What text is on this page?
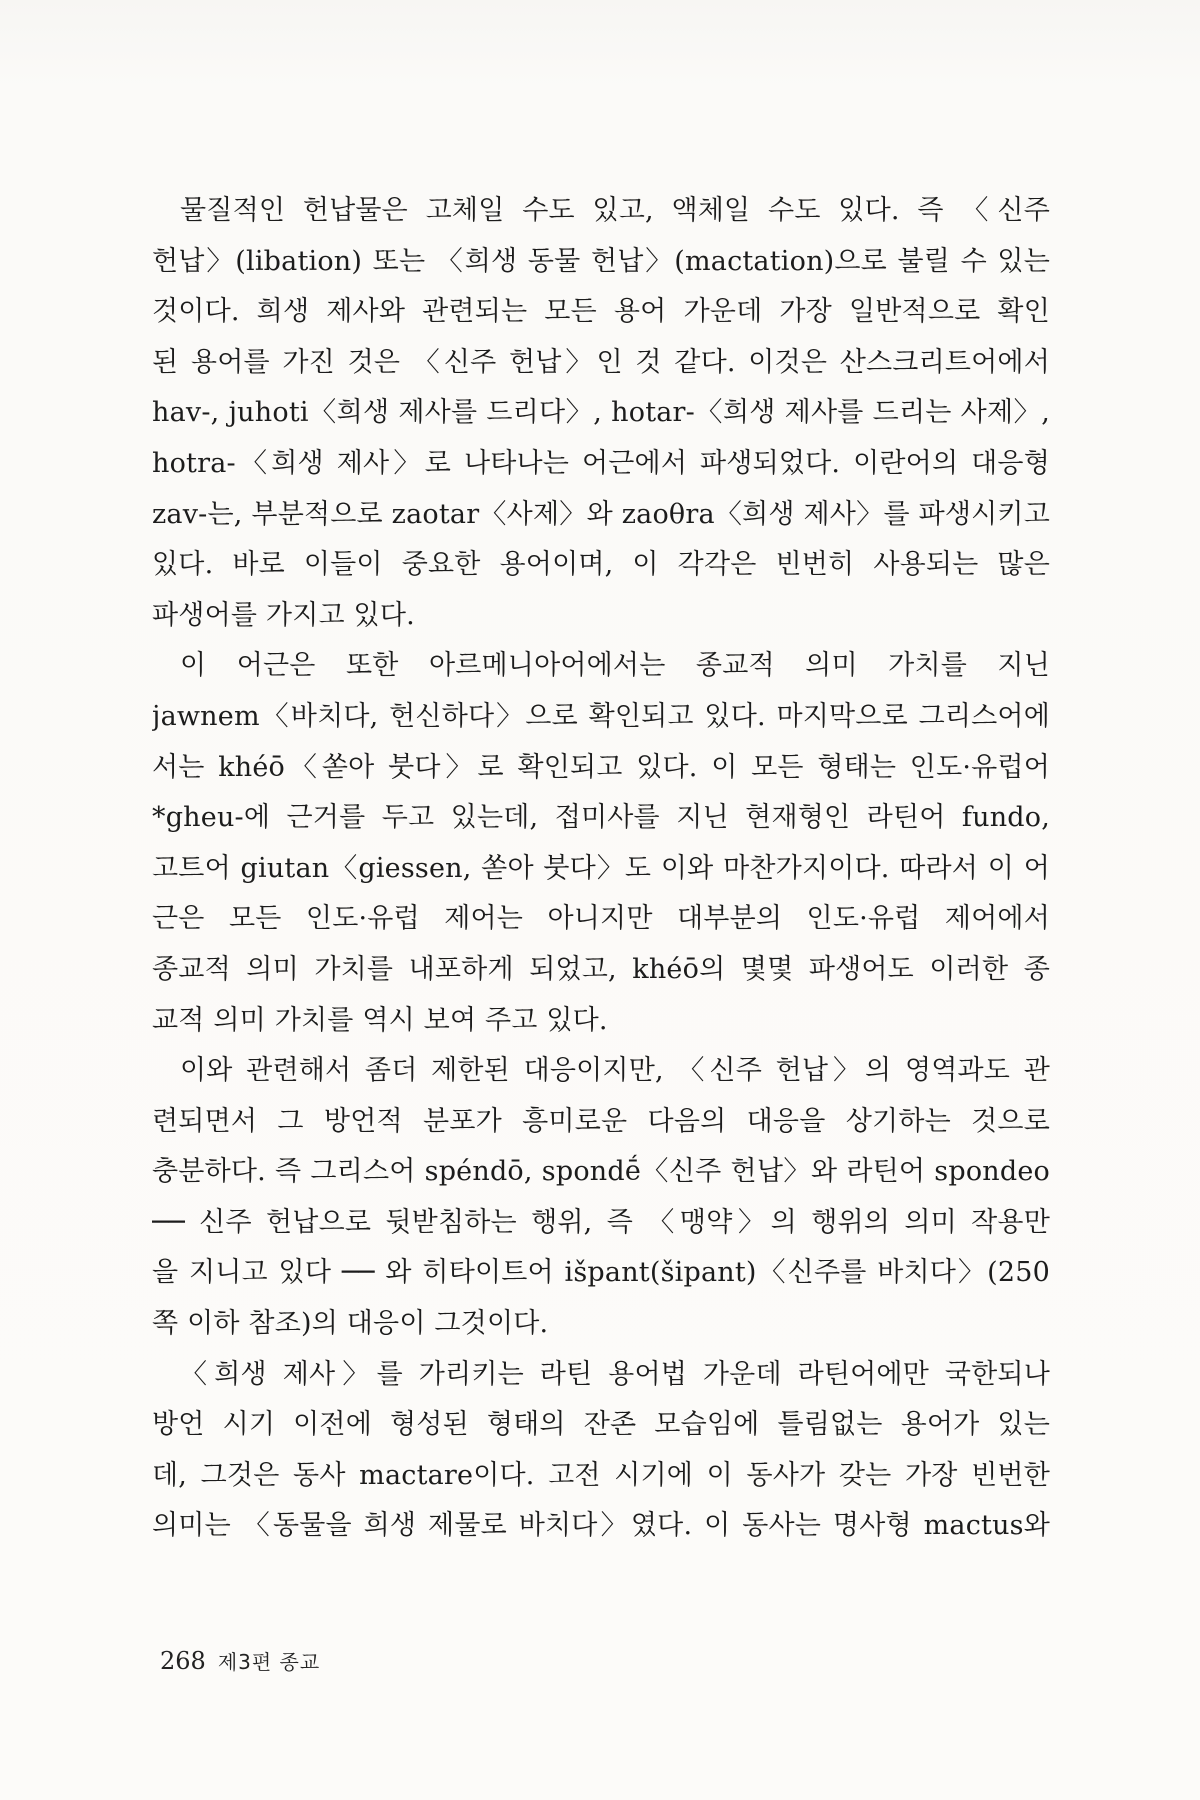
물질적인 헌납물은 고체일 수도 있고, 액체일 수도 있다. 즉 〈신주
헌납〉(libation) 또는 〈희생 동물 헌납〉(mactation)으로 불릴 수 있는
것이다. 희생 제사와 관련되는 모든 용어 가운데 가장 일반적으로 확인
된 용어를 가진 것은 〈신주 헌납〉인 것 같다. 이것은 산스크리트어에서
hav-, juhoti〈희생 제사를 드리다〉, hotar-〈희생 제사를 드리는 사제〉,
hotra-〈희생 제사〉로 나타나는 어근에서 파생되었다. 이란어의 대응형
zav-는, 부분적으로 zaotar〈사제〉와 zaoθra〈희생 제사〉를 파생시키고
있다. 바로 이들이 중요한 용어이며, 이 각각은 빈번히 사용되는 많은
파생어를 가지고 있다.
이 어근은 또한 아르메니아어에서는 종교적 의미 가치를 지닌
jawnem〈바치다, 헌신하다〉으로 확인되고 있다. 마지막으로 그리스어에
서는 khéō〈쏟아 붓다〉로 확인되고 있다. 이 모든 형태는 인도·유럽어
*gheu-에 근거를 두고 있는데, 접미사를 지닌 현재형인 라틴어 fundo,
고트어 giutan〈giessen, 쏟아 붓다〉도 이와 마찬가지이다. 따라서 이 어
근은 모든 인도·유럽 제어는 아니지만 대부분의 인도·유럽 제어에서
종교적 의미 가치를 내포하게 되었고, khéō의 몇몇 파생어도 이러한 종
교적 의미 가치를 역시 보여 주고 있다.
이와 관련해서 좀더 제한된 대응이지만, 〈신주 헌납〉의 영역과도 관
련되면서 그 방언적 분포가 흥미로운 다음의 대응을 상기하는 것으로
충분하다. 즉 그리스어 spéndō, spondḗ〈신주 헌납〉와 라틴어 spondeo
── 신주 헌납으로 뒷받침하는 행위, 즉 〈맹약〉의 행위의 의미 작용만
을 지니고 있다 ── 와 히타이트어 išpant(šipant)〈신주를 바치다〉(250
쪽 이하 참조)의 대응이 그것이다.
〈희생 제사〉를 가리키는 라틴 용어법 가운데 라틴어에만 국한되나
방언 시기 이전에 형성된 형태의 잔존 모습임에 틀림없는 용어가 있는
데, 그것은 동사 mactare이다. 고전 시기에 이 동사가 갖는 가장 빈번한
의미는 〈동물을 희생 제물로 바치다〉였다. 이 동사는 명사형 mactus와
268 제3편 종교
